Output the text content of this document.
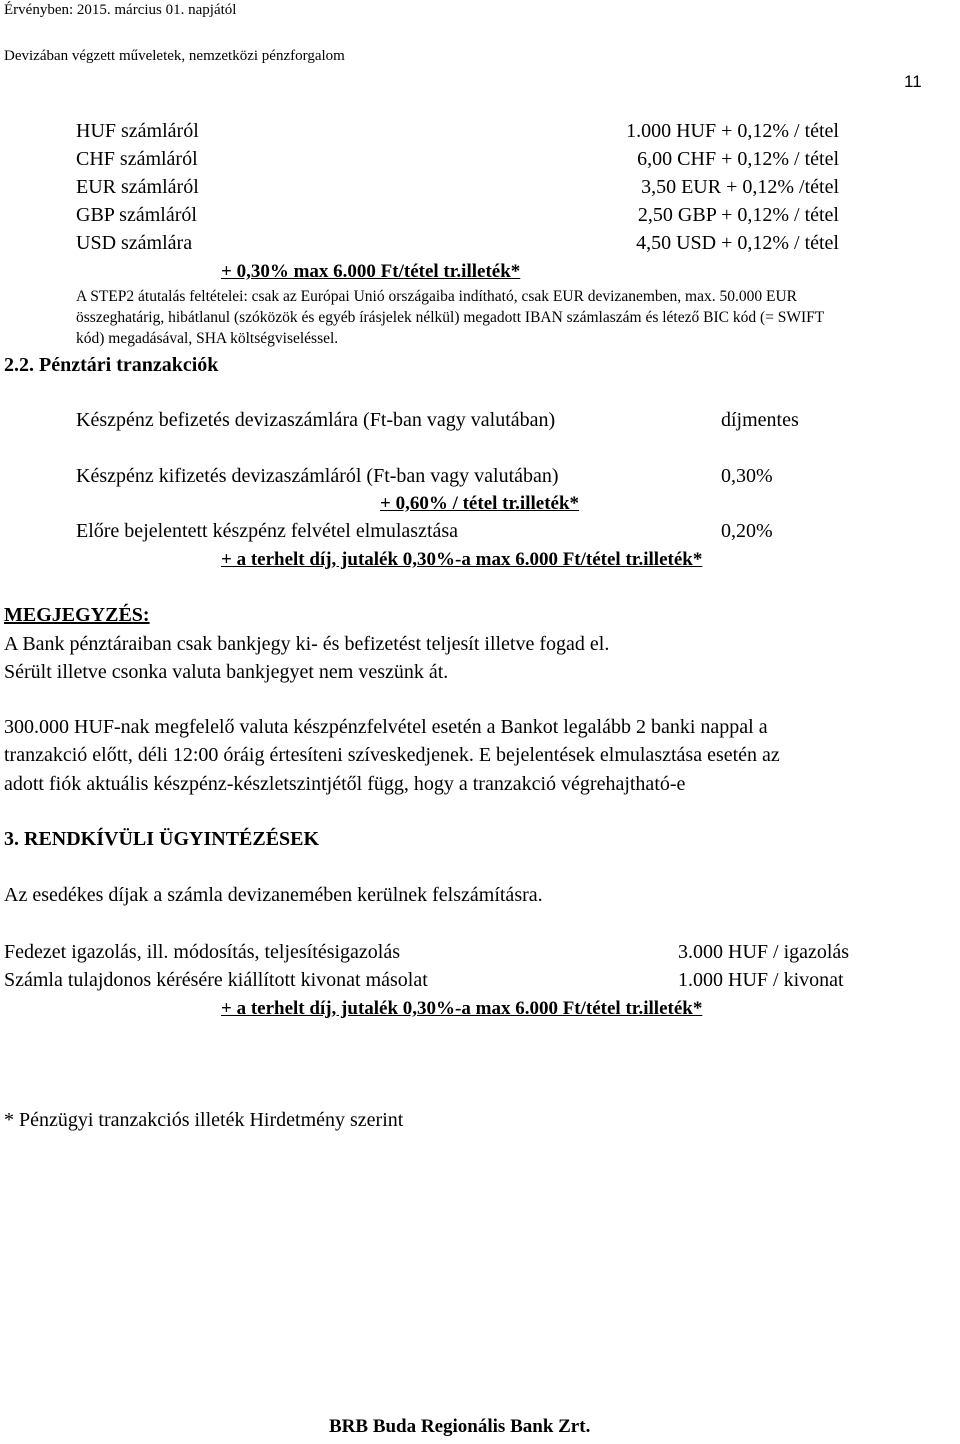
Érvényben: 2015. március 01. napjától
Devizában végzett műveletek, nemzetközi pénzforgalom
11
HUF számláról	1.000 HUF + 0,12% / tétel
CHF számláról	6,00 CHF + 0,12% / tétel
EUR számláról	3,50 EUR + 0,12% /tétel
GBP számláról	2,50 GBP + 0,12% / tétel
USD számlára	4,50 USD + 0,12% / tétel
+ 0,30% max 6.000 Ft/tétel tr.illeték*
A STEP2 átutalás feltételei: csak az Európai Unió országaiba indítható, csak EUR devizanemben, max. 50.000 EUR
összeghatárig, hibátlanul (szóközök és egyéb írásjelek nélkül) megadott IBAN számlaszám és létező BIC kód (= SWIFT
kód) megadásával, SHA költségviseléssel.
2.2. Pénztári tranzakciók
Készpénz befizetés devizaszámlára (Ft-ban vagy valutában)	díjmentes
Készpénz kifizetés devizaszámláról (Ft-ban vagy valutában)	0,30%
+ 0,60% / tétel tr.illeték*
Előre bejelentett készpénz felvétel elmulasztása	0,20%
+ a terhelt díj, jutalék 0,30%-a max 6.000 Ft/tétel tr.illeték*
MEGJEGYZÉS:
A Bank pénztáraiban csak bankjegy ki- és befizetést teljesít illetve fogad el.
Sérült illetve csonka valuta bankjegyet nem veszünk át.
300.000 HUF-nak megfelelő valuta készpénzfelvétel esetén a Bankot legalább 2 banki nappal a
tranzakció előtt, déli 12:00 óráig értesíteni szíveskedjenek. E bejelentések elmulasztása esetén az
adott fiók aktuális készpénz-készletszintjétől függ, hogy a tranzakció végrehajtható-e
3. RENDKÍVÜLI ÜGYINTÉZÉSEK
Az esedékes díjak a számla devizanemében kerülnek felszámításra.
Fedezet igazolás, ill. módosítás, teljesítésigazolás	3.000 HUF / igazolás
Számla tulajdonos kérésére kiállított kivonat másolat	1.000 HUF / kivonat
+ a terhelt díj, jutalék 0,30%-a max 6.000 Ft/tétel tr.illeték*
* Pénzügyi tranzakciós illeték Hirdetmény szerint
BRB Buda Regionális Bank Zrt.
